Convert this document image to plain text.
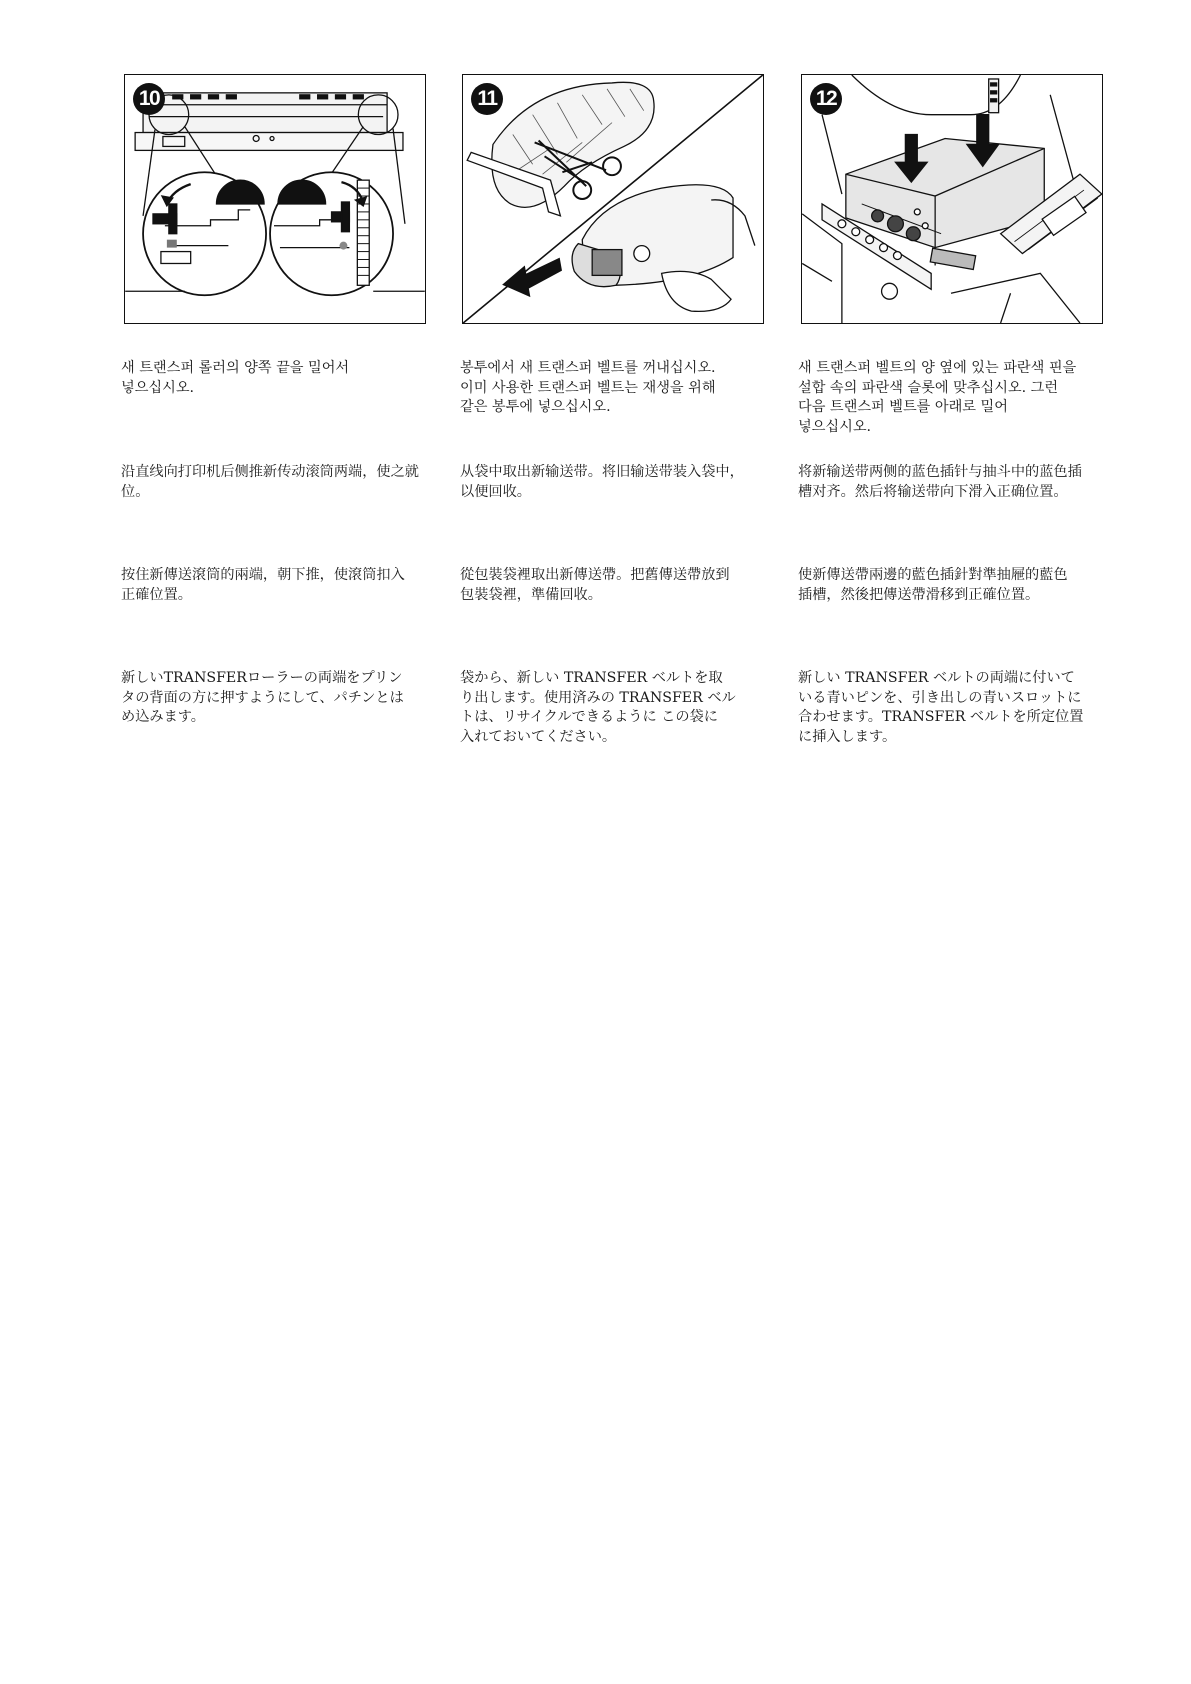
10	11	12

새 트랜스퍼 롤러의 양쪽 끝을 밀어서
넣으십시오.

봉투에서 새 트랜스퍼 벨트를 꺼내십시오.
이미 사용한 트랜스퍼 벨트는 재생을 위해
같은 봉투에 넣으십시오.

새 트랜스퍼 벨트의 양 옆에 있는 파란색 핀을
설합 속의 파란색 슬롯에 맞추십시오. 그런
다음 트랜스퍼 벨트를 아래로 밀어
넣으십시오.

沿直线向打印机后侧推新传动滚筒两端，使之就
位。

从袋中取出新输送带。将旧输送带装入袋中，
以便回收。

将新输送带两侧的蓝色插针与抽斗中的蓝色插
槽对齐。然后将输送带向下滑入正确位置。

按住新傳送滾筒的兩端，朝下推，使滾筒扣入
正確位置。

從包裝袋裡取出新傳送帶。把舊傳送帶放到
包裝袋裡，準備回收。

使新傳送帶兩邊的藍色插針對準抽屜的藍色
插槽，然後把傳送帶滑移到正確位置。

新しいTRANSFERローラーの両端をプリン
タの背面の方に押すようにして、パチンとは
め込みます。

袋から、新しい TRANSFER ベルトを取
り出します。使用済みの TRANSFER ベル
トは、リサイクルできるように この袋に
入れておいてください。

新しい TRANSFER ベルトの両端に付いて
いる青いピンを、引き出しの青いスロットに
合わせます。TRANSFER ベルトを所定位置
に挿入します。
